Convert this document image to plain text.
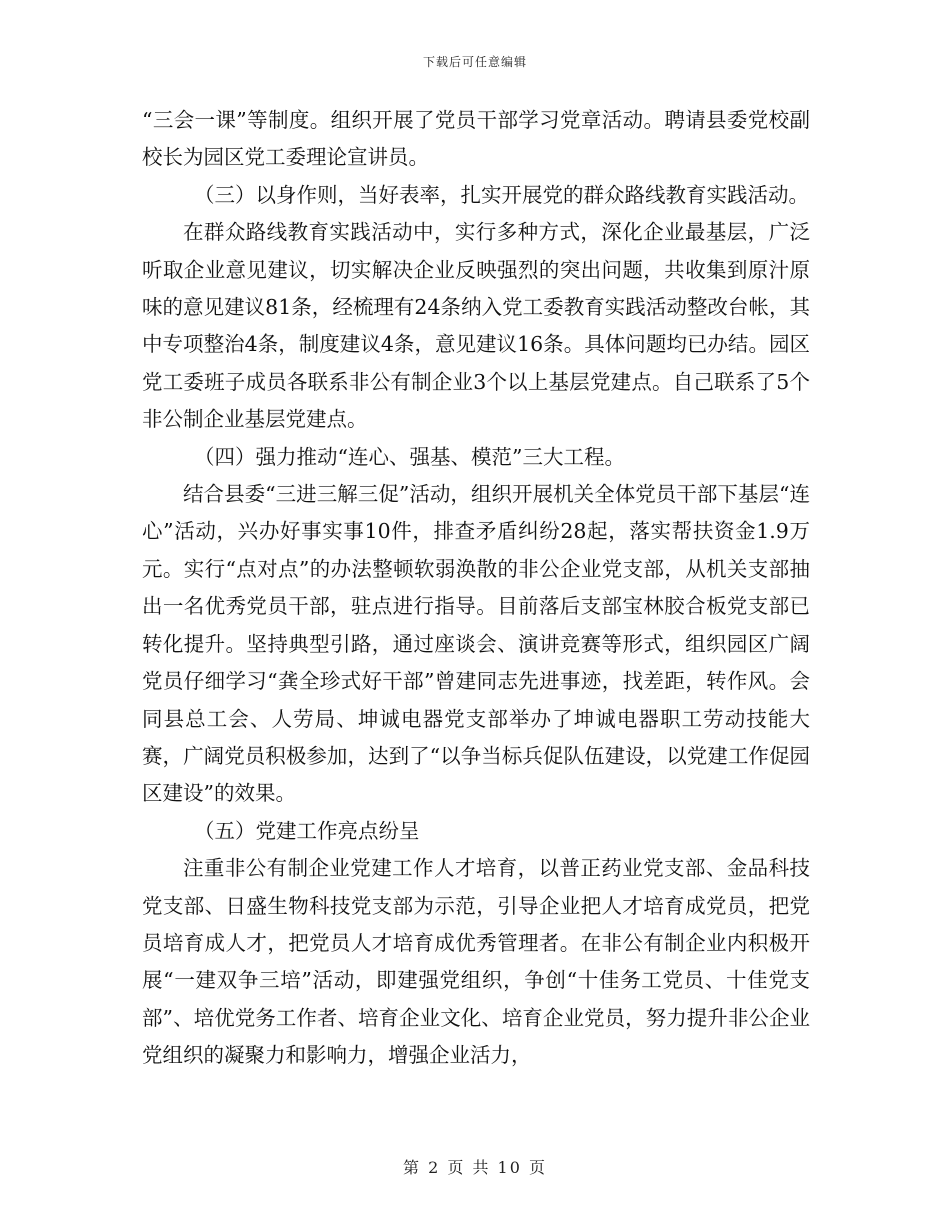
下载后可任意编辑

“三会一课”等制度。组织开展了党员干部学习党章活动。聘请县委党校副校长为园区党工委理论宣讲员。

（三）以身作则，当好表率，扎实开展党的群众路线教育实践活动。

在群众路线教育实践活动中，实行多种方式，深化企业最基层，广泛听取企业意见建议，切实解决企业反映强烈的突出问题，共收集到原汁原味的意见建议81条，经梳理有24条纳入党工委教育实践活动整改台帐，其中专项整治4条，制度建议4条，意见建议16条。具体问题均已办结。园区党工委班子成员各联系非公有制企业3个以上基层党建点。自己联系了5个非公制企业基层党建点。

（四）强力推动“连心、强基、模范”三大工程。

结合县委“三进三解三促”活动，组织开展机关全体党员干部下基层“连心”活动，兴办好事实事10件，排查矛盾纠纷28起，落实帮扶资金1.9万元。实行“点对点”的办法整顿软弱涣散的非公企业党支部，从机关支部抽出一名优秀党员干部，驻点进行指导。目前落后支部宝林胶合板党支部已转化提升。坚持典型引路，通过座谈会、演讲竞赛等形式，组织园区广阔党员仔细学习“龚全珍式好干部”曾建同志先进事迹，找差距，转作风。会同县总工会、人劳局、坤诚电器党支部举办了坤诚电器职工劳动技能大赛，广阔党员积极参加，达到了“以争当标兵促队伍建设，以党建工作促园区建设”的效果。

（五）党建工作亮点纷呈

注重非公有制企业党建工作人才培育，以普正药业党支部、金品科技党支部、日盛生物科技党支部为示范，引导企业把人才培育成党员，把党员培育成人才，把党员人才培育成优秀管理者。在非公有制企业内积极开展“一建双争三培”活动，即建强党组织，争创“十佳务工党员、十佳党支部”、培优党务工作者、培育企业文化、培育企业党员，努力提升非公企业党组织的凝聚力和影响力，增强企业活力，

第 2 页 共 10 页
